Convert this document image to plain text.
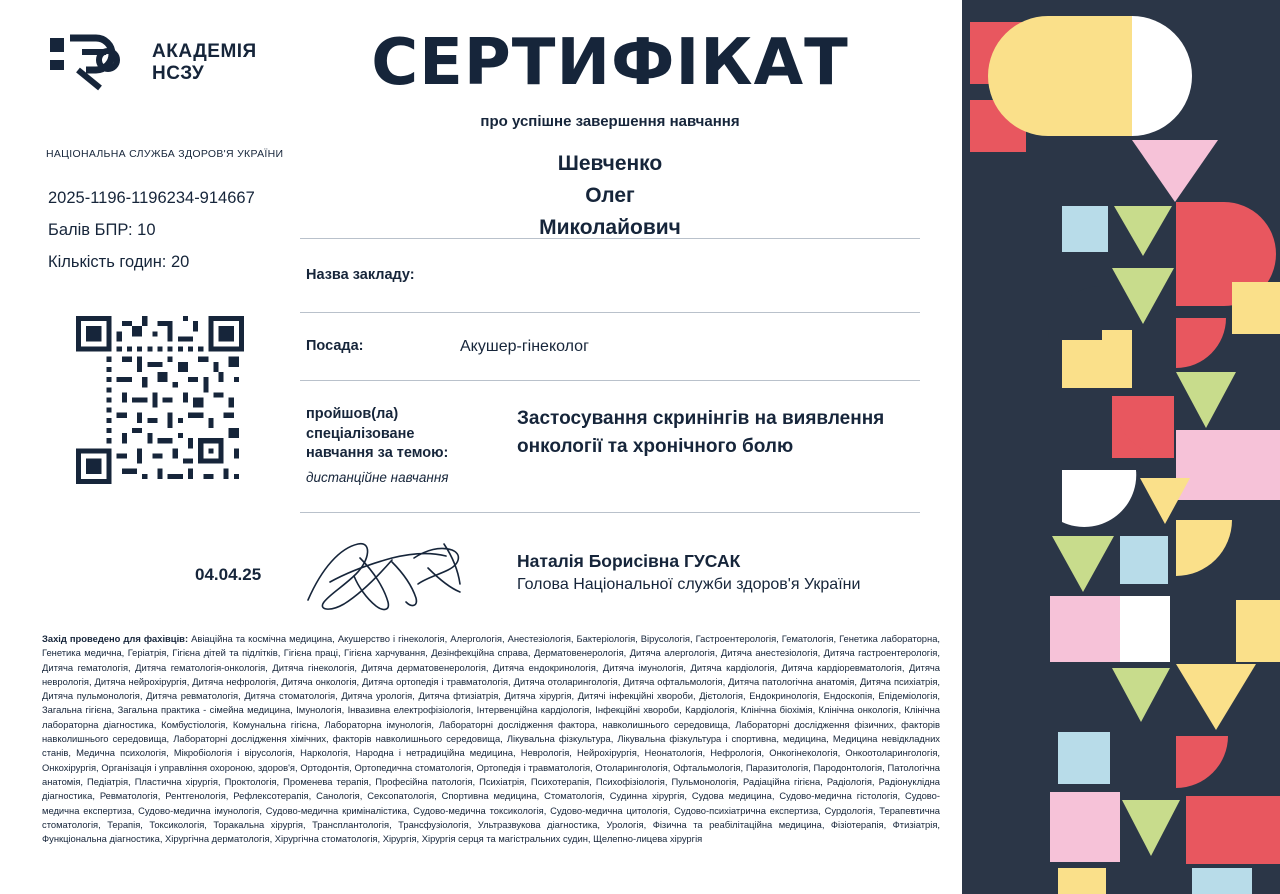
АКАДЕМІЯ
НСЗУ
НАЦІОНАЛЬНА СЛУЖБА ЗДОРОВ'Я УКРАЇНИ
2025-1196-1196234-914667
Балів БПР: 10
Кількість годин: 20
СЕРТИФІКАТ
про успішне завершення навчання
Шевченко
Олег
Миколайович
Назва закладу:
Посада:	Акушер-гінеколог
пройшов(ла)
спеціалізоване
навчання за темою:
Застосування скринінгів на виявлення онкології та хронічного болю
дистанційне навчання
04.04.25
Наталія Борисівна ГУСАК
Голова Національної служби здоров'я України
Захід проведено для фахівців: Авіаційна та космічна медицина, Акушерство і гінекологія, Алергологія, Анестезіологія, Бактеріологія, Вірусологія, Гастроентерологія, Гематологія, Генетика лабораторна, Генетика медична, Геріатрія, Гігієна дітей та підлітків, Гігієна праці, Гігієна харчування, Дезінфекційна справа, Дерматовенерологія, Дитяча алергологія, Дитяча анестезіологія, Дитяча гастроентерологія, Дитяча гематологія, Дитяча гематологія-онкологія, Дитяча гінекологія, Дитяча дерматовенерологія, Дитяча ендокринологія, Дитяча імунологія, Дитяча кардіологія, Дитяча кардіоревматологія, Дитяча неврологія, Дитяча нейрохірургія, Дитяча нефрологія, Дитяча онкологія, Дитяча ортопедія і травматологія, Дитяча отоларингологія, Дитяча офтальмологія, Дитяча патологічна анатомія, Дитяча психіатрія, Дитяча пульмонологія, Дитяча ревматологія, Дитяча стоматологія, Дитяча урологія, Дитяча фтизіатрія, Дитяча хірургія, Дитячі інфекційні хвороби, Дієтологія, Ендокринологія, Ендоскопія, Епідеміологія, Загальна гігієна, Загальна практика - сімейна медицина, Імунологія, Інвазивна електрофізіологія, Інтервенційна кардіологія, Інфекційні хвороби, Кардіологія, Клінічна біохімія, Клінічна онкологія, Клінічна лабораторна діагностика, Комбустіологія, Комунальна гігієна, Лабораторна імунологія, Лабораторні дослідження фактора, навколишнього середовища, Лабораторні дослідження фізичних, факторів навколишнього середовища, Лабораторні дослідження хімічних, факторів навколишнього середовища, Лікувальна фізкультура, Лікувальна фізкультура і спортивна, медицина, Медицина невідкладних станів, Медична психологія, Мікробіологія і вірусологія, Наркологія, Народна і нетрадиційна медицина, Неврологія, Нейрохірургія, Неонатологія, Нефрологія, Онкогінекологія, Онкоотоларингологія, Онкохірургія, Організація і управління охороною, здоров'я, Ортодонтія, Ортопедична стоматологія, Ортопедія і травматологія, Отоларингологія, Офтальмологія, Паразитологія, Пародонтологія, Патологічна анатомія, Педіатрія, Пластична хірургія, Проктологія, Променева терапія, Професійна патологія, Психіатрія, Психотерапія, Психофізіологія, Пульмонологія, Радіаційна гігієна, Радіологія, Радіонуклідна діагностика, Ревматологія, Рентгенологія, Рефлексотерапія, Санологія, Сексопатологія, Спортивна медицина, Стоматологія, Судинна хірургія, Судова медицина, Судово-медична гістологія, Судово-медична експертиза, Судово-медична імунологія, Судово-медична криміналістика, Судово-медична токсикологія, Судово-медична цитологія, Судово-психіатрична експертиза, Сурдологія, Терапевтична стоматологія, Терапія, Токсикологія, Торакальна хірургія, Трансплантологія, Трансфузіологія, Ультразвукова діагностика, Урологія, Фізична та реабілітаційна медицина, Фізіотерапія, Фтизіатрія, Функціональна діагностика, Хірургічна дерматологія, Хірургічна стоматологія, Хірургія, Хірургія серця та магістральних судин, Щелепно-лицева хірургія
